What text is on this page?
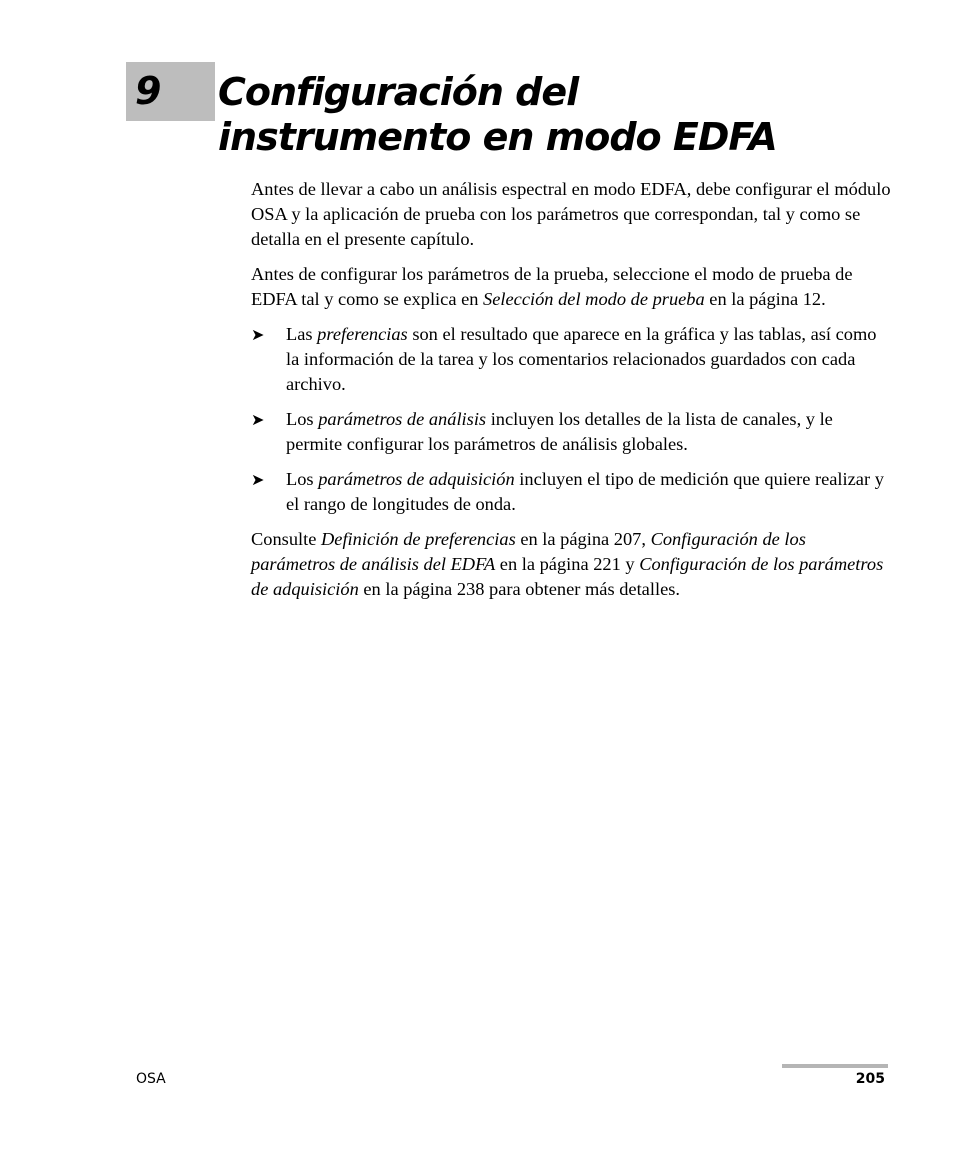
9 Configuración del
instrumento en modo EDFA

Antes de llevar a cabo un análisis espectral en modo EDFA, debe configurar el módulo OSA y la aplicación de prueba con los parámetros que correspondan, tal y como se detalla en el presente capítulo.

Antes de configurar los parámetros de la prueba, seleccione el modo de prueba de EDFA tal y como se explica en Selección del modo de prueba en la página 12.

➤ Las preferencias son el resultado que aparece en la gráfica y las tablas, así como la información de la tarea y los comentarios relacionados guardados con cada archivo.
➤ Los parámetros de análisis incluyen los detalles de la lista de canales, y le permite configurar los parámetros de análisis globales.
➤ Los parámetros de adquisición incluyen el tipo de medición que quiere realizar y el rango de longitudes de onda.

Consulte Definición de preferencias en la página 207, Configuración de los parámetros de análisis del EDFA en la página 221 y Configuración de los parámetros de adquisición en la página 238 para obtener más detalles.

OSA	205
